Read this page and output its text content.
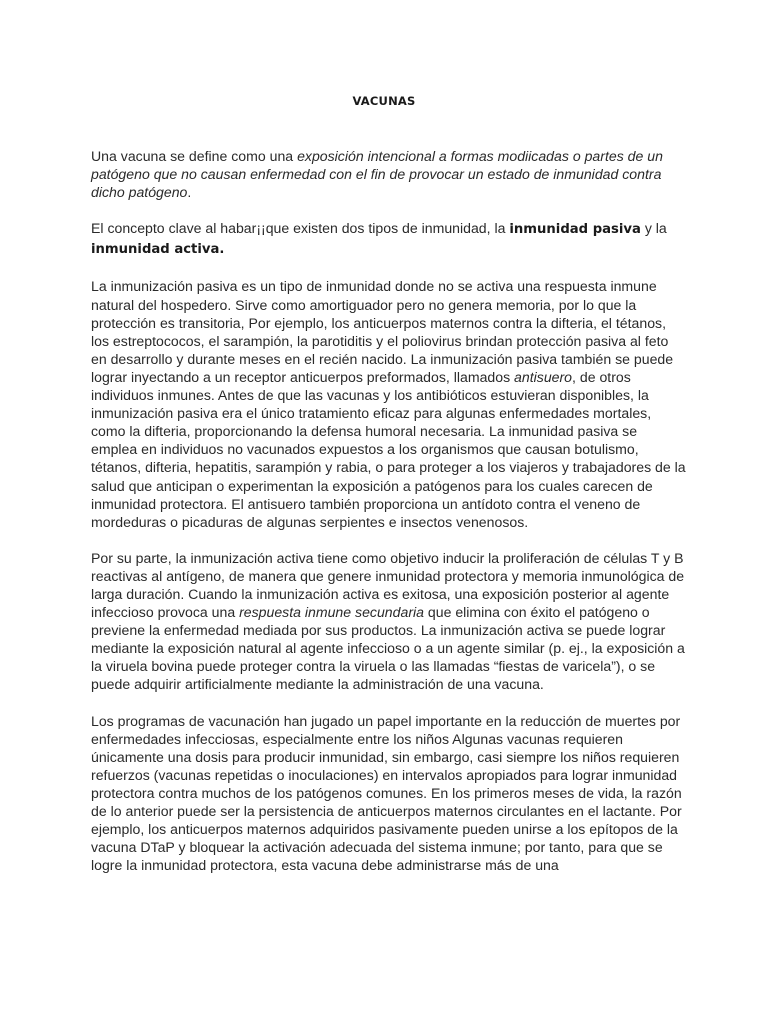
VACUNAS

Una vacuna se define como una exposición intencional a formas modiicadas o partes de un patógeno que no causan enfermedad con el fin de provocar un estado de inmunidad contra dicho patógeno.

El concepto clave al habar¡¡que existen dos tipos de inmunidad, la inmunidad pasiva y la inmunidad activa.

La inmunización pasiva es un tipo de inmunidad donde no se activa una respuesta inmune natural del hospedero. Sirve como amortiguador pero no genera memoria, por lo que la protección es transitoria, Por ejemplo, los anticuerpos maternos contra la difteria, el tétanos, los estreptococos, el sarampión, la parotiditis y el poliovirus brindan protección pasiva al feto en desarrollo y durante meses en el recién nacido. La inmunización pasiva también se puede lograr inyectando a un receptor anticuerpos preformados, llamados antisuero, de otros individuos inmunes. Antes de que las vacunas y los antibióticos estuvieran disponibles, la inmunización pasiva era el único tratamiento eficaz para algunas enfermedades mortales, como la difteria, proporcionando la defensa humoral necesaria. La inmunidad pasiva se emplea en individuos no vacunados expuestos a los organismos que causan botulismo, tétanos, difteria, hepatitis, sarampión y rabia, o para proteger a los viajeros y trabajadores de la salud que anticipan o experimentan la exposición a patógenos para los cuales carecen de inmunidad protectora. El antisuero también proporciona un antídoto contra el veneno de mordeduras o picaduras de algunas serpientes e insectos venenosos.

Por su parte, la inmunización activa tiene como objetivo inducir la proliferación de células T y B reactivas al antígeno, de manera que genere inmunidad protectora y memoria inmunológica de larga duración. Cuando la inmunización activa es exitosa, una exposición posterior al agente infeccioso provoca una respuesta inmune secundaria que elimina con éxito el patógeno o previene la enfermedad mediada por sus productos. La inmunización activa se puede lograr mediante la exposición natural al agente infeccioso o a un agente similar (p. ej., la exposición a la viruela bovina puede proteger contra la viruela o las llamadas “fiestas de varicela”), o se puede adquirir artificialmente mediante la administración de una vacuna.

Los programas de vacunación han jugado un papel importante en la reducción de muertes por enfermedades infecciosas, especialmente entre los niños Algunas vacunas requieren únicamente una dosis para producir inmunidad, sin embargo, casi siempre los niños requieren refuerzos (vacunas repetidas o inoculaciones) en intervalos apropiados para lograr inmunidad protectora contra muchos de los patógenos comunes. En los primeros meses de vida, la razón de lo anterior puede ser la persistencia de anticuerpos maternos circulantes en el lactante. Por ejemplo, los anticuerpos maternos adquiridos pasivamente pueden unirse a los epítopos de la vacuna DTaP y bloquear la activación adecuada del sistema inmune; por tanto, para que se logre la inmunidad protectora, esta vacuna debe administrarse más de una
